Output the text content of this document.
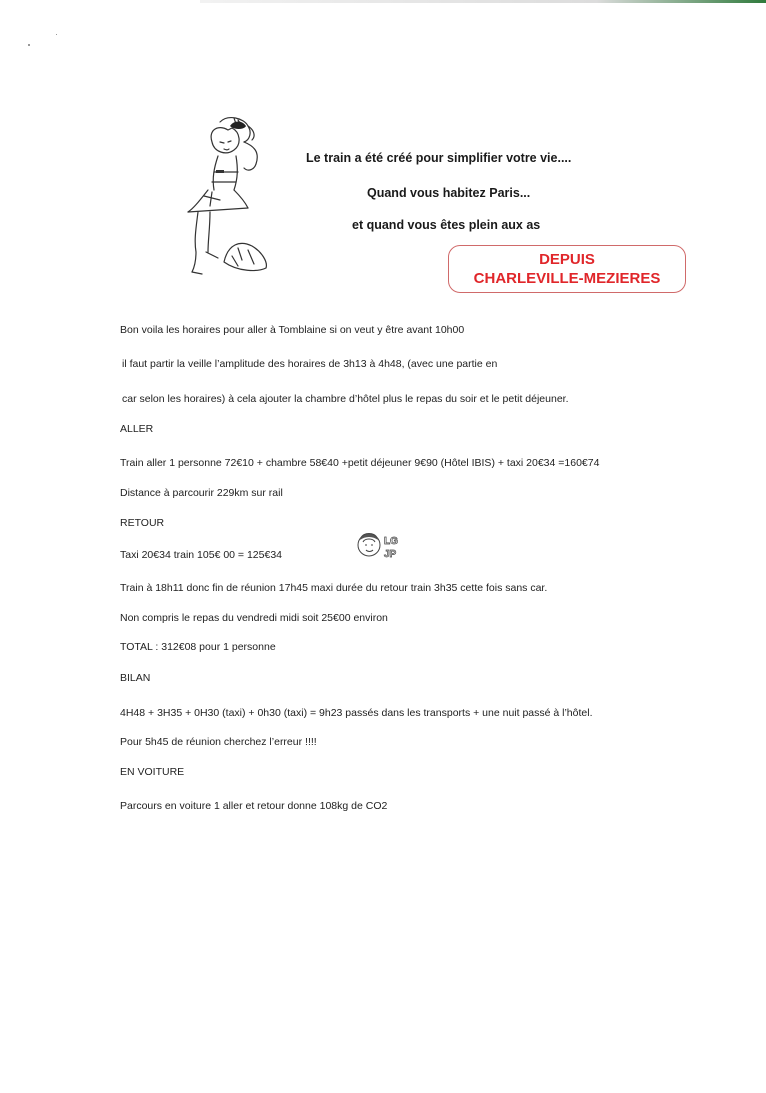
Le train a été créé pour simplifier votre vie....
Quand vous habitez Paris...
et quand vous êtes plein aux as
DEPUIS
CHARLEVILLE-MEZIERES
Bon voila les horaires pour aller à Tomblaine si on veut y être avant 10h00
il faut partir la veille l’amplitude des horaires de 3h13 à 4h48, (avec une partie en
car selon les horaires) à cela ajouter la chambre d’hôtel plus le repas du soir et le petit déjeuner.
ALLER
Train aller 1 personne 72€10 + chambre 58€40 +petit déjeuner 9€90 (Hôtel IBIS) + taxi 20€34 =160€74
Distance à parcourir 229km sur rail
RETOUR
Taxi 20€34 train 105€ 00 = 125€34
Train à 18h11 donc fin de réunion 17h45 maxi durée du retour train 3h35 cette fois sans car.
Non compris le repas du vendredi midi soit 25€00 environ
TOTAL : 312€08 pour 1 personne
BILAN
4H48 + 3H35 + 0H30 (taxi) + 0h30 (taxi) = 9h23 passés dans les transports + une nuit passé à l’hôtel.
Pour 5h45 de réunion cherchez l’erreur !!!!
EN VOITURE
Parcours en voiture 1 aller et retour donne 108kg de CO2
LG
JP
